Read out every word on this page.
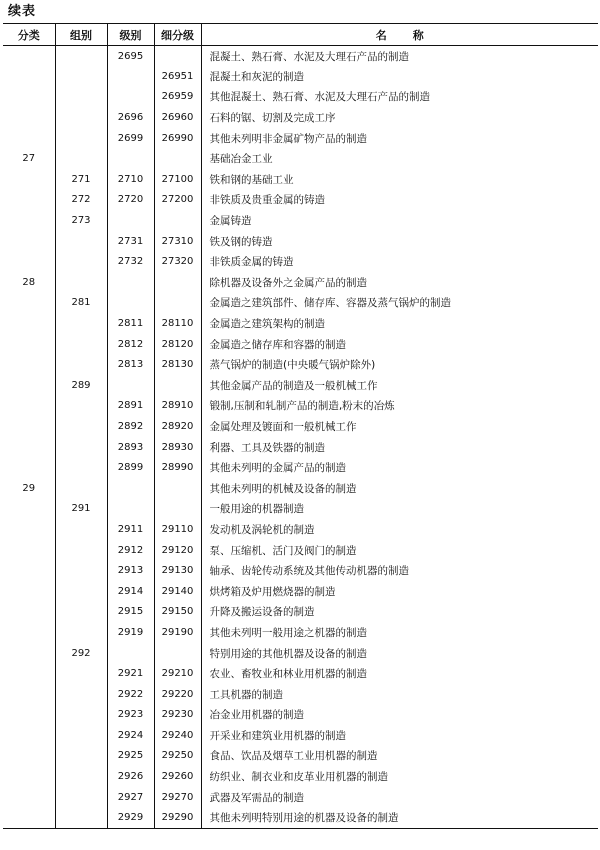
续表
分类	组别	级别	细分级	名 称
		2695		混凝土、熟石膏、水泥及大理石产品的制造
			26951	混凝土和灰泥的制造
			26959	其他混凝土、熟石膏、水泥及大理石产品的制造
		2696	26960	石料的锯、切割及完成工序
		2699	26990	其他未列明非金属矿物产品的制造
27				基础冶金工业
	271	2710	27100	铁和钢的基础工业
	272	2720	27200	非铁质及贵重金属的铸造
	273			金属铸造
		2731	27310	铁及钢的铸造
		2732	27320	非铁质金属的铸造
28				除机器及设备外之金属产品的制造
	281			金属造之建筑部件、储存库、容器及蒸气锅炉的制造
		2811	28110	金属造之建筑架构的制造
		2812	28120	金属造之储存库和容器的制造
		2813	28130	蒸气锅炉的制造(中央暖气锅炉除外)
	289			其他金属产品的制造及一般机械工作
		2891	28910	锻制,压制和轧制产品的制造,粉末的冶炼
		2892	28920	金属处理及镀面和一般机械工作
		2893	28930	利器、工具及铁器的制造
		2899	28990	其他未列明的金属产品的制造
29				其他未列明的机械及设备的制造
	291			一般用途的机器制造
		2911	29110	发动机及涡轮机的制造
		2912	29120	泵、压缩机、活门及阀门的制造
		2913	29130	轴承、齿轮传动系统及其他传动机器的制造
		2914	29140	烘烤箱及炉用燃烧器的制造
		2915	29150	升降及搬运设备的制造
		2919	29190	其他未列明一般用途之机器的制造
	292			特别用途的其他机器及设备的制造
		2921	29210	农业、畜牧业和林业用机器的制造
		2922	29220	工具机器的制造
		2923	29230	冶金业用机器的制造
		2924	29240	开采业和建筑业用机器的制造
		2925	29250	食品、饮品及烟草工业用机器的制造
		2926	29260	纺织业、制衣业和皮革业用机器的制造
		2927	29270	武器及军需品的制造
		2929	29290	其他未列明特别用途的机器及设备的制造
